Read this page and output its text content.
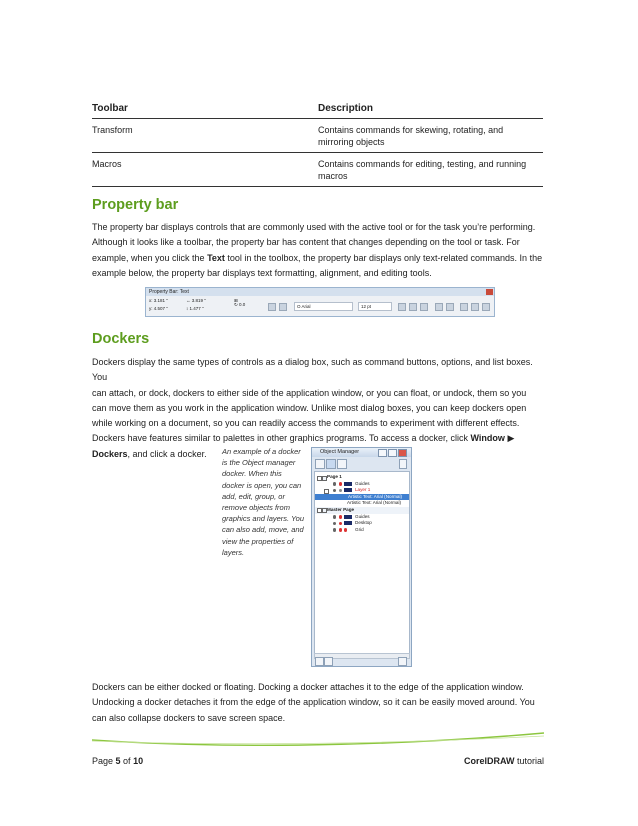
Toolbar	Description
Transform	Contains commands for skewing, rotating, and
mirroring objects
Macros	Contains commands for editing, testing, and running
macros
Property bar
The property bar displays controls that are commonly used with the active tool or for the task you’re performing.
Although it looks like a toolbar, the property bar has content that changes depending on the tool or task. For
example, when you click the Text tool in the toolbox, the property bar displays only text-related commands. In the
example below, the property bar displays text formatting, alignment, and editing tools.
Property Bar: Text
x: 3.181 "
y: 4.507 "
↔ 3.819 "
↕ 1.477 "
⊞
↻ 0.0	O Arial	12 pt
Dockers
Dockers display the same types of controls as a dialog box, such as command buttons, options, and list boxes. You
can attach, or dock, dockers to either side of the application window, or you can float, or undock, them so you
can move them as you work in the application window. Unlike most dialog boxes, you can keep dockers open
while working on a document, so you can readily access the commands to experiment with different effects.
Dockers have features similar to palettes in other graphics programs. To access a docker, click Window ▶
Dockers, and click a docker.	An example of a docker
is the Object manager
docker. When this
docker is open, you can
add, edit, group, or
remove objects from
graphics and layers. You
can also add, move, and
view the properties of
layers.
Object Manager
Page 1
Guides
Layer 1
Artistic Text: Arial (Normal)
Artistic Text: Arial (Normal)
Master Page
Guides
Desktop
Grid
Dockers can be either docked or floating. Docking a docker attaches it to the edge of the application window.
Undocking a docker detaches it from the edge of the application window, so it can be easily moved around. You
can also collapse dockers to save screen space.
Page 5 of 10	CorelDRAW tutorial
